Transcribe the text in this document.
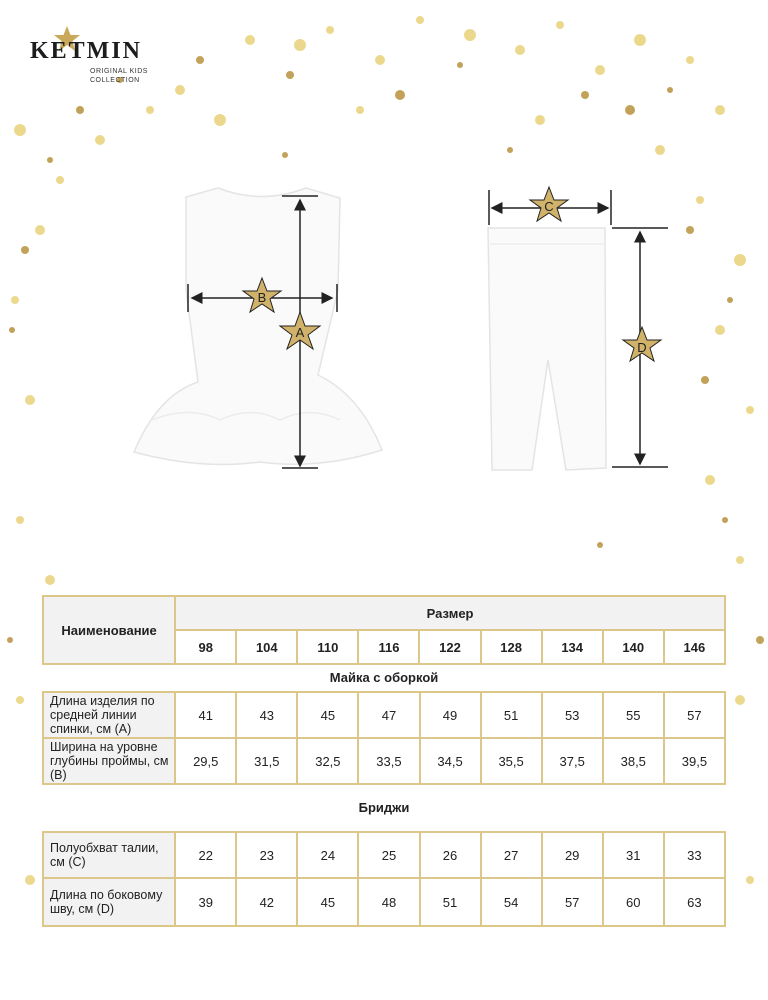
KETMIN
ORIGINAL KIDS
COLLECTION
B
A
C
D
Наименование	Размер								
	98	104	110	116	122	128	134	140	146
Майка с оборкой
Длина изделия по средней линии спинки, см (A)	41	43	45	47	49	51	53	55	57
Ширина на уровне глубины проймы, см (B)	29,5	31,5	32,5	33,5	34,5	35,5	37,5	38,5	39,5
Бриджи
Полуобхват талии, см (C)	22	23	24	25	26	27	29	31	33
Длина по боковому шву, см (D)	39	42	45	48	51	54	57	60	63
